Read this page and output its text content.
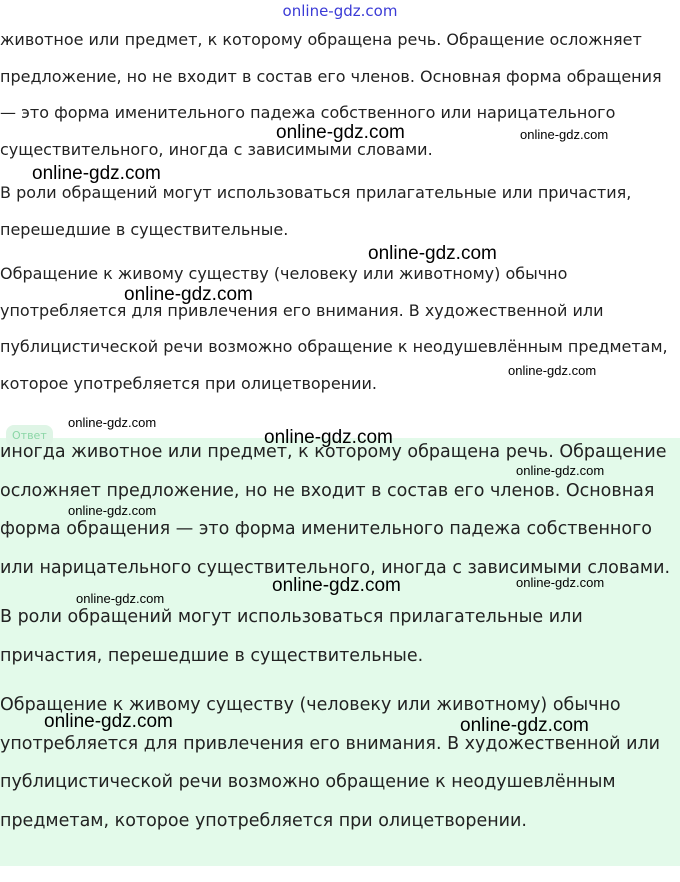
online-gdz.com

животное или предмет, к которому обращена речь. Обращение осложняет предложение, но не входит в состав его членов. Основная форма обращения — это форма именительного падежа собственного или нарицательного существительного, иногда с зависимыми словами.

В роли обращений могут использоваться прилагательные или причастия, перешедшие в существительные.

Обращение к живому существу (человеку или животному) обычно употребляется для привлечения его внимания. В художественной или публицистической речи возможно обращение к неодушевлённым предметам, которое употребляется при олицетворении.

Ответ

иногда животное или предмет, к которому обращена речь. Обращение осложняет предложение, но не входит в состав его членов. Основная форма обращения — это форма именительного падежа собственного или нарицательного существительного, иногда с зависимыми словами.

В роли обращений могут использоваться прилагательные или причастия, перешедшие в существительные.

Обращение к живому существу (человеку или животному) обычно употребляется для привлечения его внимания. В художественной или публицистической речи возможно обращение к неодушевлённым предметам, которое употребляется при олицетворении.

online-gdz.com	online-gdz.com
online-gdz.com
online-gdz.com
online-gdz.com
online-gdz.com
online-gdz.com
online-gdz.com
online-gdz.com
online-gdz.com
online-gdz.com	online-gdz.com
online-gdz.com
online-gdz.com	online-gdz.com
